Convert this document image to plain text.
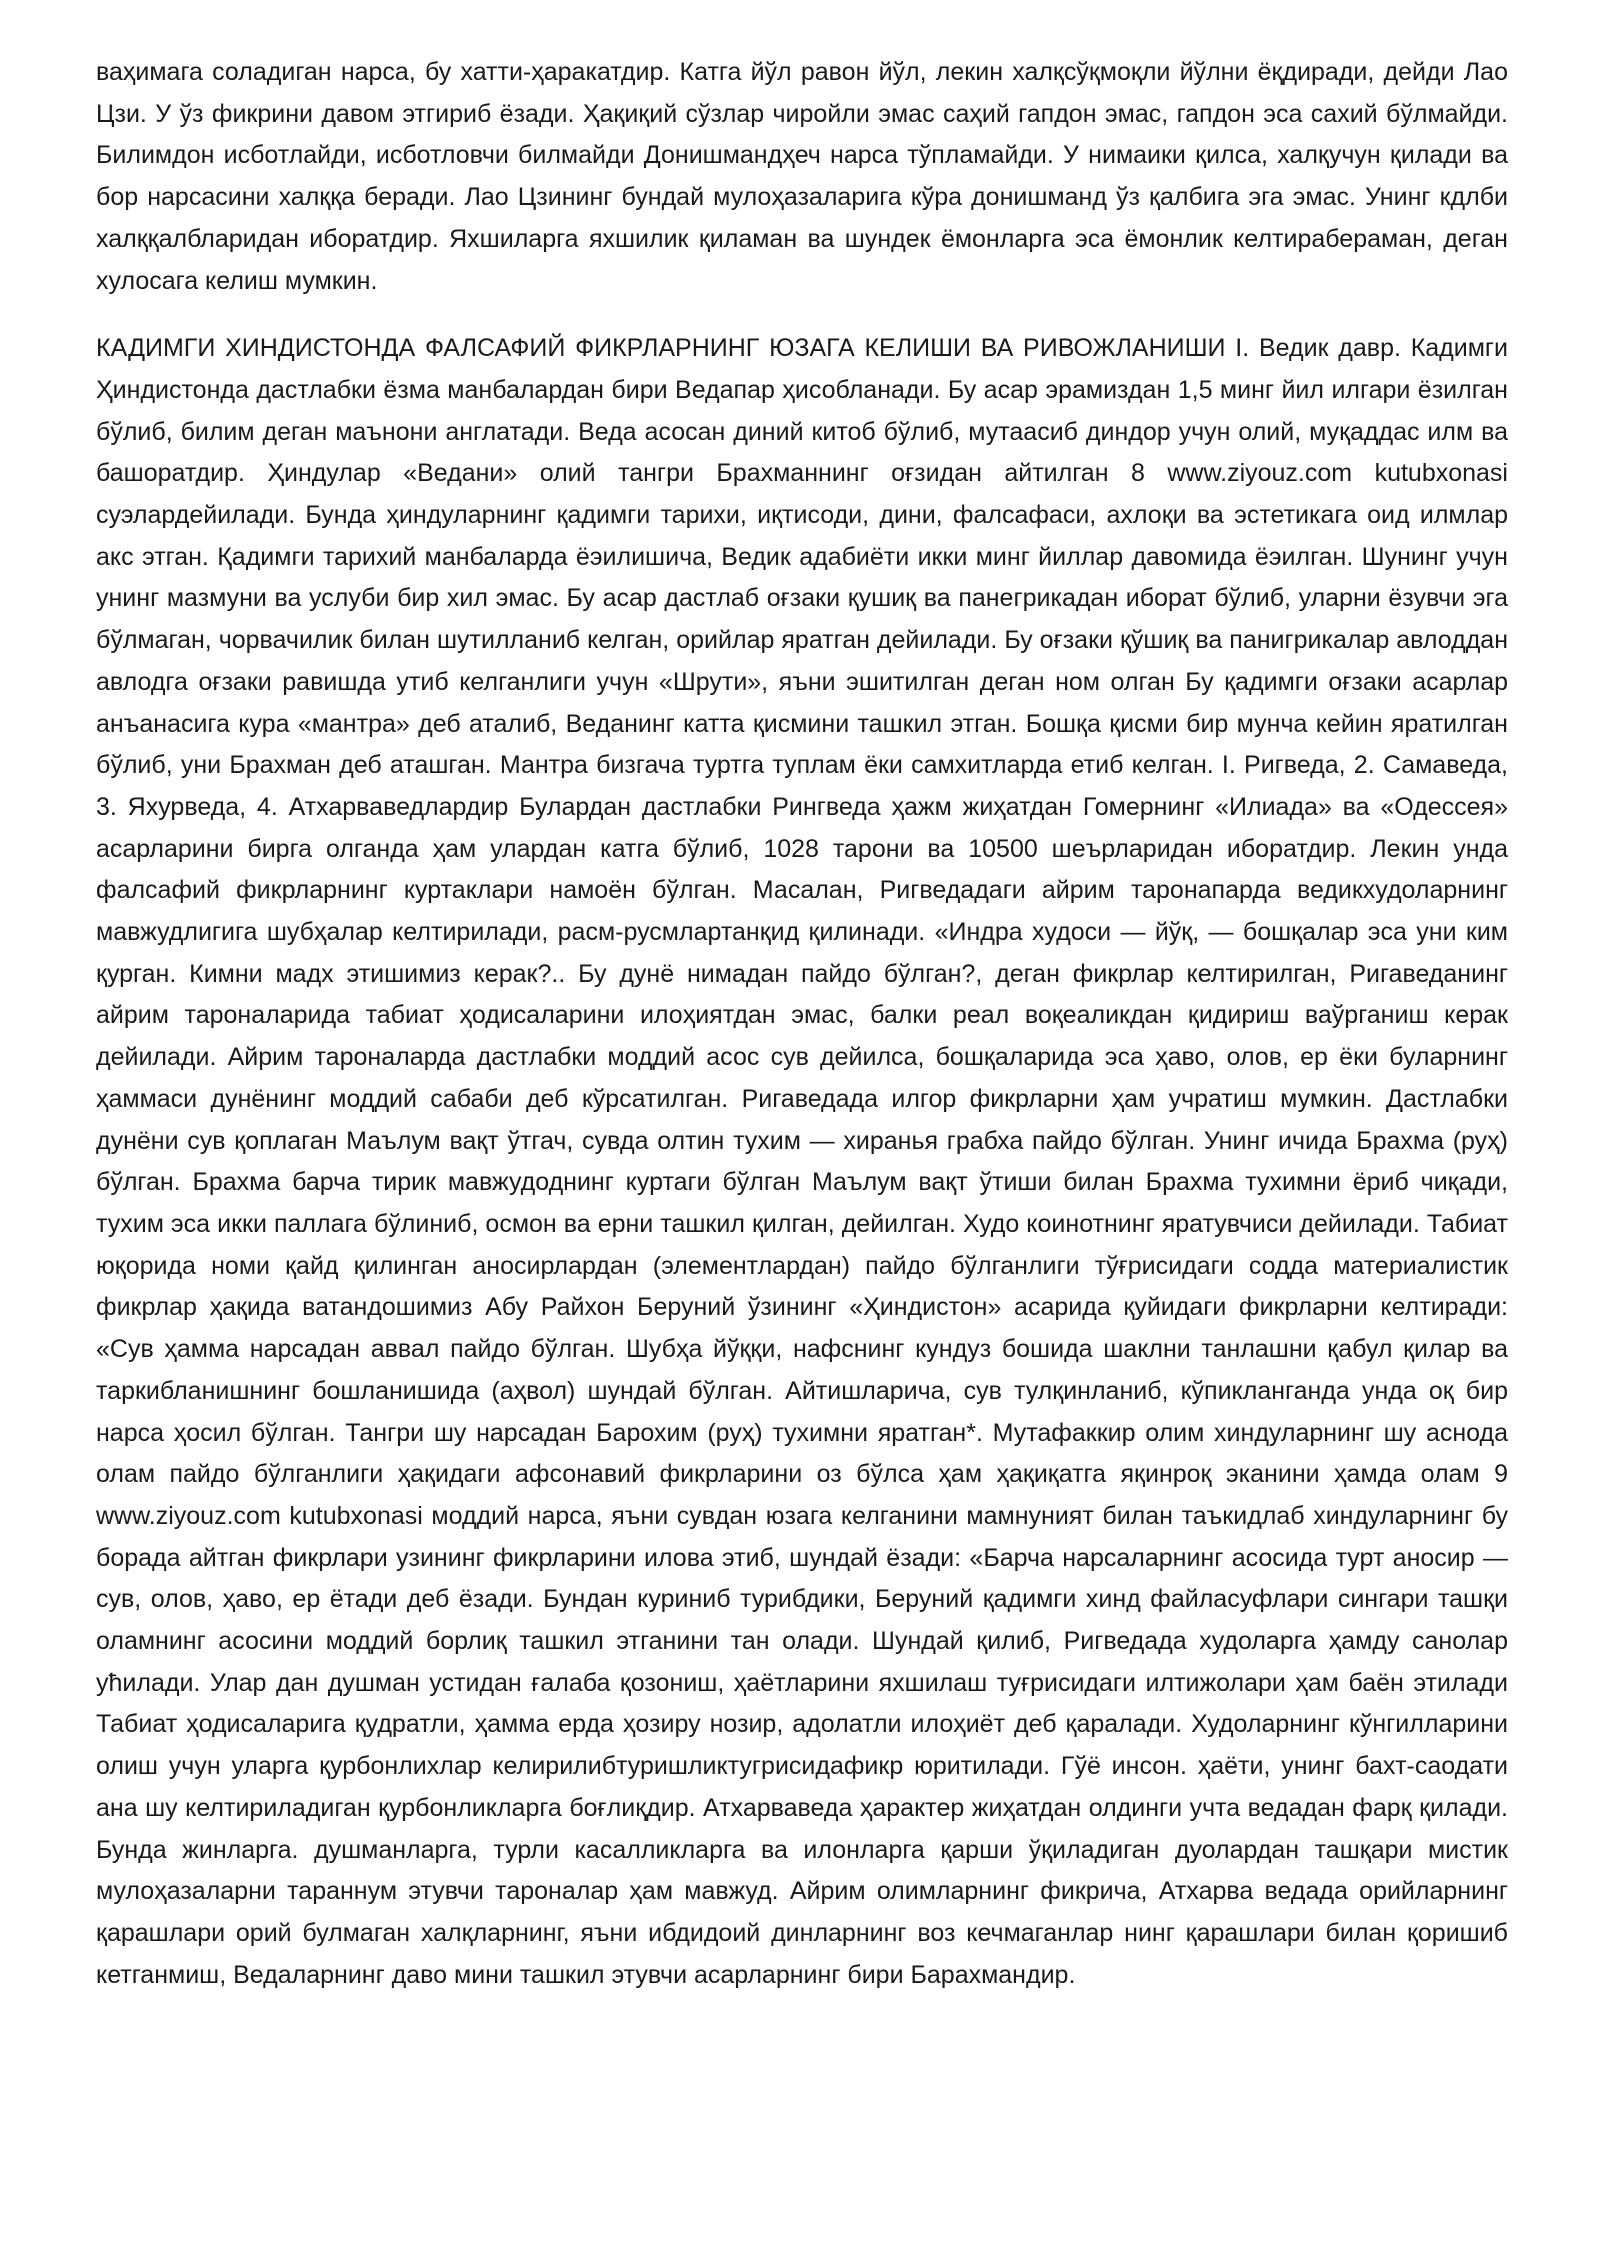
ваҳимага соладиган нарса, бу хатти-ҳаракатдир. Катга йўл равон йўл, лекин халқсўқмоқли йўлни ёқдиради, дейди Лао Цзи. У ўз фикрини давом этгириб ёзади. Ҳақиқий сўзлар чиройли эмас саҳий гапдон эмас, гапдон эса сахий бўлмайди. Билимдон исботлайди, исботловчи билмайди Донишмандҳеч нарса тўпламайди. У нимаики қилса, халқучун қилади ва бор нарсасини халққа беради. Лао Цзининг бундай мулоҳазаларига кўра донишманд ўз қалбига эга эмас. Унинг кдлби халққалбларидан иборатдир. Яхшиларга яхшилик қиламан ва шундек ёмонларга эса ёмонлик келтирабераман, деган хулосага келиш мумкин.

КАДИМГИ ХИНДИСТОНДА ФАЛСАФИЙ ФИКРЛАРНИНГ ЮЗАГА КЕЛИШИ ВА РИВОЖЛАНИШИ I. Ведик давр. Кадимги Ҳиндистонда дастлабки ёзма манбалардан бири Ведапар ҳисобланади. Бу асар эрамиздан 1,5 минг йил илгари ёзилган бўлиб, билим деган маънони англатади. Веда асосан диний китоб бўлиб, мутаасиб диндор учун олий, муқаддас илм ва башоратдир. Ҳиндулар «Ведани» олий тангри Брахманнинг оғзидан айтилган 8 www.ziyouz.com kutubxonasi суэлардейилади. Бунда ҳиндуларнинг қадимги тарихи, иқтисоди, дини, фалсафаси, ахлоқи ва эстетикага оид илмлар акс этган. Қадимги тарихий манбаларда ёэилишича, Ведик адабиёти икки минг йиллар давомида ёэилган. Шунинг учун унинг мазмуни ва услуби бир хил эмас. Бу асар дастлаб оғзаки қушиқ ва панегрикадан иборат бўлиб, уларни ёзувчи эга бўлмаган, чорвачилик билан шутилланиб келган, орийлар яратган дейилади. Бу оғзаки қўшиқ ва панигрикалар авлоддан авлодга оғзаки равишда утиб келганлиги учун «Шрути», яъни эшитилган деган ном олган Бу қадимги оғзаки асарлар анъанасига кура «мантра» деб аталиб, Веданинг катта қисмини ташкил этган. Бошқа қисми бир мунча кейин яратилган бўлиб, уни Брахман деб аташган. Мантра бизгача туртга туплам ёки самхитларда етиб келган. I. Ригведа, 2. Самаведа, 3. Яхурведа, 4. Атхарваведлардир Булардан дастлабки Рингведа ҳажм жиҳатдан Гомернинг «Илиада» ва «Одессея» асарларини бирга олганда ҳам улардан катга бўлиб, 1028 тарони ва 10500 шеърларидан иборатдир. Лекин унда фалсафий фикрларнинг куртаклари намоён бўлган. Масалан, Ригведадаги айрим таронапарда ведикхудоларнинг мавжудлигига шубҳалар келтирилади, расм-русмлартанқид қилинади. «Индра худоси — йўқ, — бошқалар эса уни ким қурган. Кимни мадх этишимиз керак?.. Бу дунё нимадан пайдо бўлган?, деган фикрлар келтирилган, Ригаведанинг айрим тароналарида табиат ҳодисаларини илоҳиятдан эмас, балки реал воқеаликдан қидириш ваўрганиш керак дейилади. Айрим тароналарда дастлабки моддий асос сув дейилса, бошқаларида эса ҳаво, олов, ер ёки буларнинг ҳаммаси дунёнинг моддий сабаби деб кўрсатилган. Ригаведада илгор фикрларни ҳам учратиш мумкин. Дастлабки дунёни сув қоплаган Маълум вақт ўтгач, сувда олтин тухим — хиранья грабха пайдо бўлган. Унинг ичида Брахма (руҳ) бўлган. Брахма барча тирик мавжудоднинг куртаги бўлган Маълум вақт ўтиши билан Брахма тухимни ёриб чиқади, тухим эса икки паллага бўлиниб, осмон ва ерни ташкил қилган, дейилган. Худо коинотнинг яратувчиси дейилади. Табиат юқорида номи қайд қилинган аносирлардан (элементлардан) пайдо бўлганлиги тўғрисидаги содда материалистик фикрлар ҳақида ватандошимиз Абу Райхон Беруний ўзининг «Ҳиндистон» асарида қуйидаги фикрларни келтиради: «Сув ҳамма нарсадан аввал пайдо бўлган. Шубҳа йўққи, нафснинг кундуз бошида шаклни танлашни қабул қилар ва таркибланишнинг бошланишида (аҳвол) шундай бўлган. Айтишларича, сув тулқинланиб, кўпикланганда унда оқ бир нарса ҳосил бўлган. Тангри шу нарсадан Барохим (руҳ) тухимни яратган*. Мутафаккир олим хиндуларнинг шу аснода олам пайдо бўлганлиги ҳақидаги афсонавий фикрларини оз бўлса ҳам ҳақиқатга яқинроқ эканини ҳамда олам 9 www.ziyouz.com kutubxonasi моддий нарса, яъни сувдан юзага келганини мамнуният билан таъкидлаб хиндуларнинг бу борада айтган фикрлари узининг фикрларини илова этиб, шундай ёзади: «Барча нарсаларнинг асосида турт аносир — сув, олов, ҳаво, ер ётади деб ёзади. Бундан куриниб турибдики, Беруний қадимги хинд файласуфлари сингари ташқи оламнинг асосини моддий борлиқ ташкил этганини тан олади. Шундай қилиб, Ригведада худоларга ҳамду санолар ућилади. Улар дан душман устидан ғалаба қозониш, ҳаётларини яхшилаш туғрисидаги илтижолари ҳам баён этилади Табиат ҳодисаларига қудратли, ҳамма ерда ҳозиру нозир, адолатли илоҳиёт деб қаралади. Худоларнинг кўнгилларини олиш учун уларга қурбонлихлар келирилибтуришликтугрисидафикр юритилади. Гўё инсон. ҳаёти, унинг бахт-саодати ана шу келтириладиган қурбонликларга боғлиқдир. Атхарваведа ҳарактер жиҳатдан олдинги учта ведадан фарқ қилади. Бунда жинларга. душманларга, турли касалликларга ва илонларга қарши ўқиладиган дуолардан ташқари мистик мулоҳазаларни тараннум этувчи тароналар ҳам мавжуд. Айрим олимларнинг фикрича, Атхарва ведада орийларнинг қарашлари орий булмаган халқларнинг, яъни ибдидоий динларнинг воз кечмаганлар нинг қарашлари билан қоришиб кетганмиш, Ведаларнинг даво мини ташкил этувчи асарларнинг бири Барахмандир.
